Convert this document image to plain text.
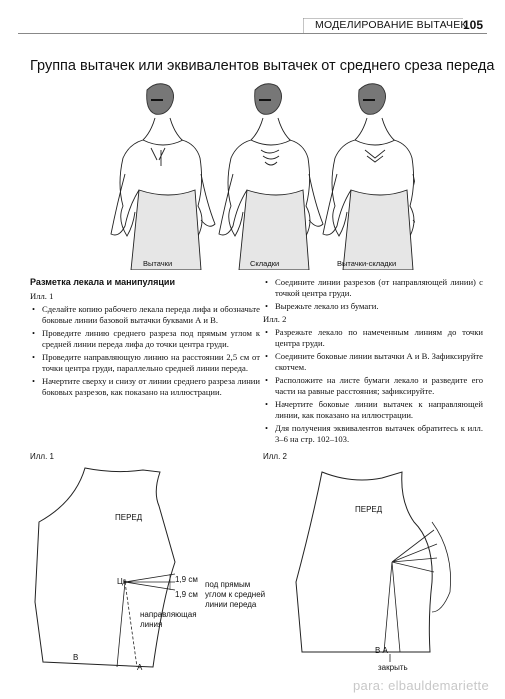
МОДЕЛИРОВАНИЕ ВЫТАЧЕК
105
Группа вытачек или эквивалентов вытачек от среднего среза переда
Вытачки	Складки	Вытачки-складки
Разметка лекала и манипуляции
Илл. 1
• Сделайте копию рабочего лекала переда лифа и обозначьте боковые линии базовой вытачки буквами А и В.
• Проведите линию среднего разреза под прямым углом к средней линии переда лифа до точки центра груди.
• Проведите направляющую линию на расстоянии 2,5 см от точки центра груди, параллельно средней линии переда.
• Начертите сверху и снизу от линии среднего разреза линии боковых разрезов, как показано на иллюстрации.
• Соедините линии разрезов (от направляющей линии) с точкой центра груди.
• Вырежьте лекало из бумаги.
Илл. 2
• Разрежьте лекало по намеченным линиям до точки центра груди.
• Соедините боковые линии вытачки А и В. Зафиксируйте скотчем.
• Расположите на листе бумаги лекало и разведите его части на равные расстояния; зафиксируйте.
• Начертите боковые линии вытачек к направляющей линии, как показано на иллюстрации.
• Для получения эквивалентов вытачек обратитесь к илл. 3–6 на стр. 102–103.
Илл. 1
ПЕРЕД
Цг	1,9 см
1,9 см
под прямым
углом к средней
линии переда
направляющая
линия
В
А
Илл. 2
ПЕРЕД
В А
закрыть
para: elbauldemariette
